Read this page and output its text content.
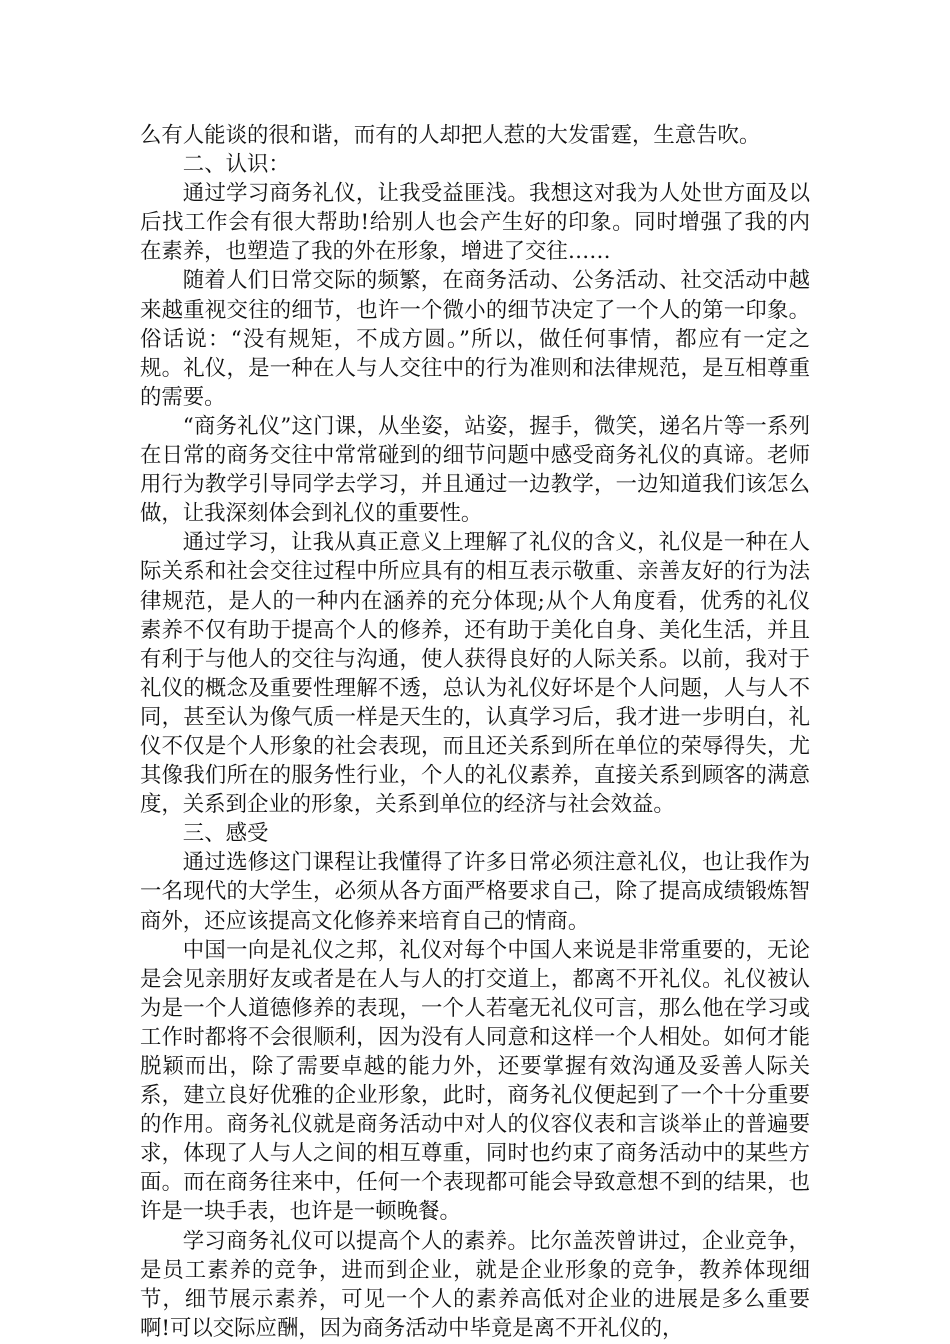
么有人能谈的很和谐，而有的人却把人惹的大发雷霆，生意告吹。

二、认识：

通过学习商务礼仪，让我受益匪浅。我想这对我为人处世方面及以后找工作会有很大帮助!给别人也会产生好的印象。同时增强了我的内在素养，也塑造了我的外在形象，增进了交往……

随着人们日常交际的频繁，在商务活动、公务活动、社交活动中越来越重视交往的细节，也许一个微小的细节决定了一个人的第一印象。俗话说：“没有规矩，不成方圆。”所以，做任何事情，都应有一定之规。礼仪，是一种在人与人交往中的行为准则和法律规范，是互相尊重的需要。

“商务礼仪”这门课，从坐姿，站姿，握手，微笑，递名片等一系列在日常的商务交往中常常碰到的细节问题中感受商务礼仪的真谛。老师用行为教学引导同学去学习，并且通过一边教学，一边知道我们该怎么做，让我深刻体会到礼仪的重要性。

通过学习，让我从真正意义上理解了礼仪的含义，礼仪是一种在人际关系和社会交往过程中所应具有的相互表示敬重、亲善友好的行为法律规范，是人的一种内在涵养的充分体现;从个人角度看，优秀的礼仪素养不仅有助于提高个人的修养，还有助于美化自身、美化生活，并且有利于与他人的交往与沟通，使人获得良好的人际关系。以前，我对于礼仪的概念及重要性理解不透，总认为礼仪好坏是个人问题，人与人不同，甚至认为像气质一样是天生的，认真学习后，我才进一步明白，礼仪不仅是个人形象的社会表现，而且还关系到所在单位的荣辱得失，尤其像我们所在的服务性行业，个人的礼仪素养，直接关系到顾客的满意度，关系到企业的形象，关系到单位的经济与社会效益。

三、感受

通过选修这门课程让我懂得了许多日常必须注意礼仪，也让我作为一名现代的大学生，必须从各方面严格要求自己，除了提高成绩锻炼智商外，还应该提高文化修养来培育自己的情商。

中国一向是礼仪之邦，礼仪对每个中国人来说是非常重要的，无论是会见亲朋好友或者是在人与人的打交道上，都离不开礼仪。礼仪被认为是一个人道德修养的表现，一个人若毫无礼仪可言，那么他在学习或工作时都将不会很顺利，因为没有人同意和这样一个人相处。如何才能脱颖而出，除了需要卓越的能力外，还要掌握有效沟通及妥善人际关系，建立良好优雅的企业形象，此时，商务礼仪便起到了一个十分重要的作用。商务礼仪就是商务活动中对人的仪容仪表和言谈举止的普遍要求，体现了人与人之间的相互尊重，同时也约束了商务活动中的某些方面。而在商务往来中，任何一个表现都可能会导致意想不到的结果，也许是一块手表，也许是一顿晚餐。

学习商务礼仪可以提高个人的素养。比尔盖茨曾讲过，企业竞争，是员工素养的竞争，进而到企业，就是企业形象的竞争，教养体现细节，细节展示素养，可见一个人的素养高低对企业的进展是多么重要啊!可以交际应酬，因为商务活动中毕竟是离不开礼仪的，
